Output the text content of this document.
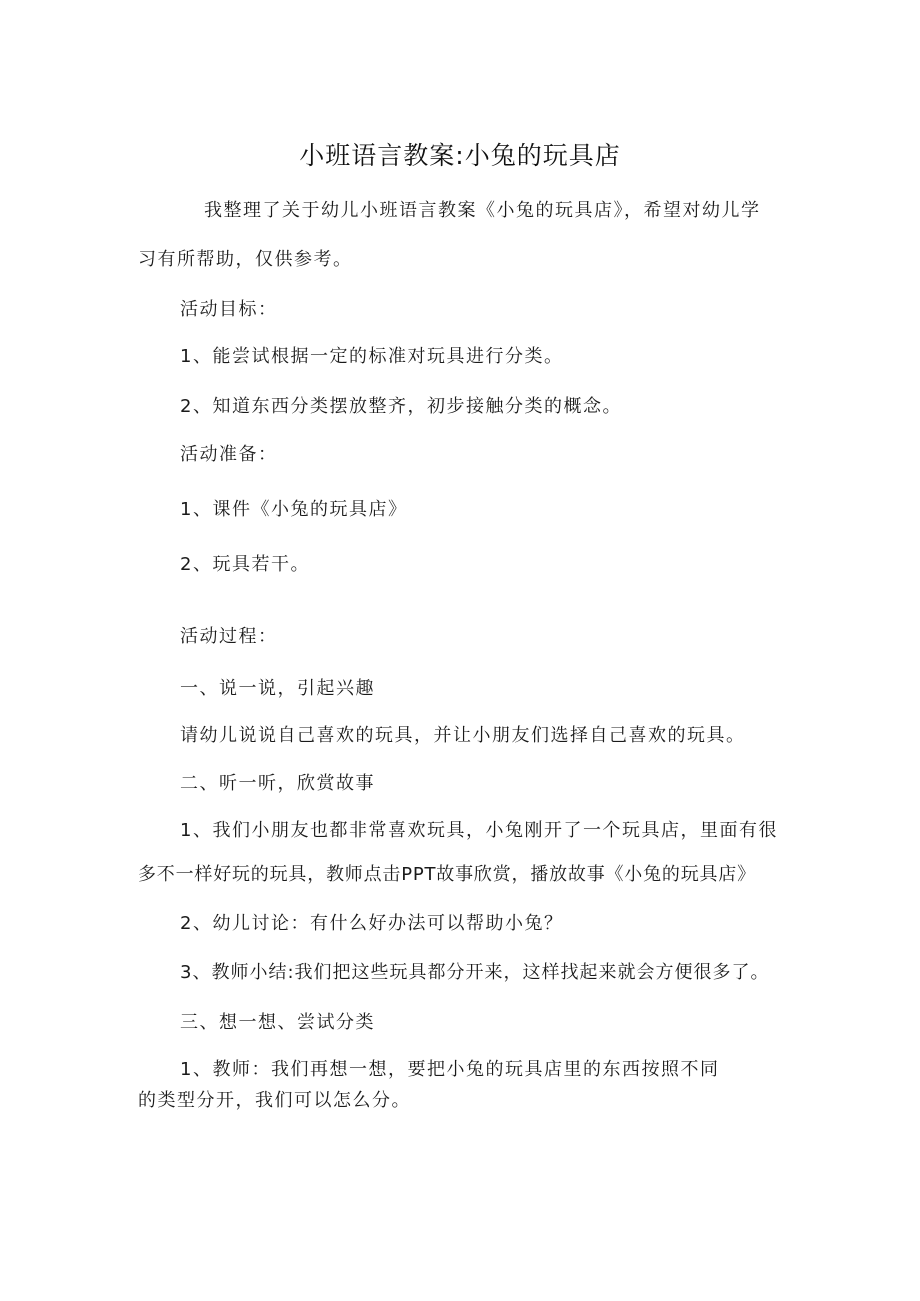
小班语言教案:小兔的玩具店

我整理了关于幼儿小班语言教案《小兔的玩具店》，希望对幼儿学

习有所帮助，仅供参考。

活动目标：

1、能尝试根据一定的标准对玩具进行分类。

2、知道东西分类摆放整齐，初步接触分类的概念。

活动准备：

1、课件《小兔的玩具店》

2、玩具若干。

活动过程：

一、说一说，引起兴趣

请幼儿说说自己喜欢的玩具，并让小朋友们选择自己喜欢的玩具。

二、听一听，欣赏故事

1、我们小朋友也都非常喜欢玩具，小兔刚开了一个玩具店，里面有很

多不一样好玩的玩具，教师点击PPT故事欣赏，播放故事《小兔的玩具店》

2、幼儿讨论：有什么好办法可以帮助小兔？

3、教师小结:我们把这些玩具都分开来，这样找起来就会方便很多了。

三、想一想、尝试分类

1、教师：我们再想一想，要把小兔的玩具店里的东西按照不同

的类型分开，我们可以怎么分。
